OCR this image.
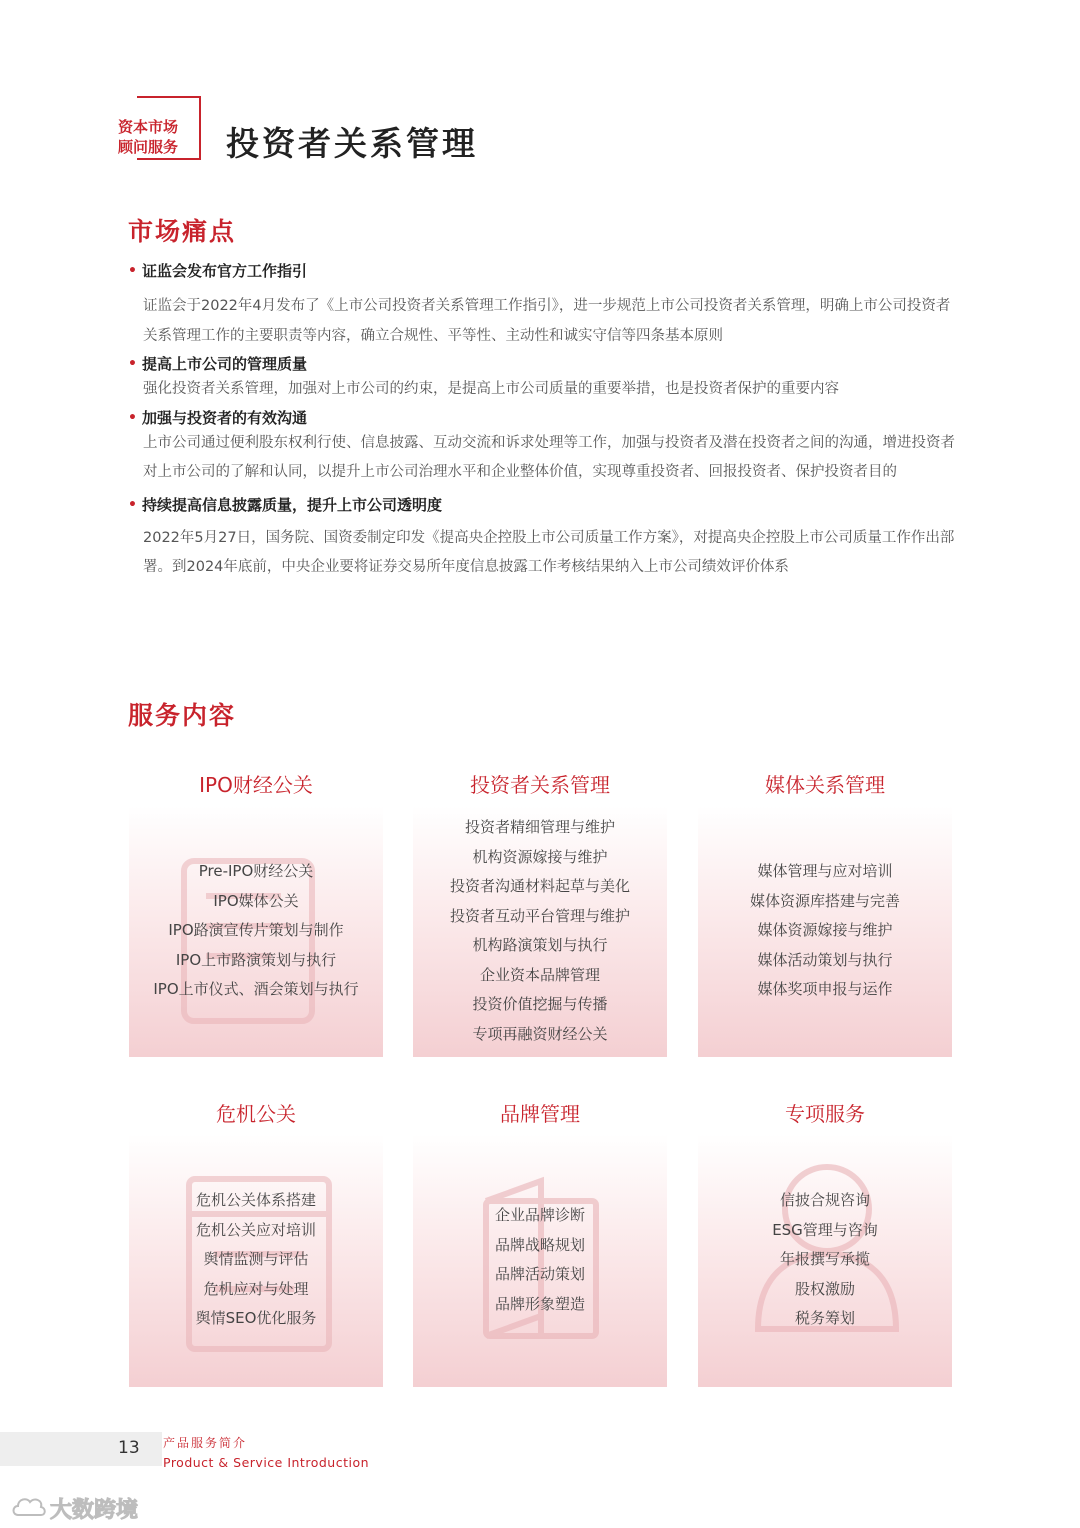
资本市场
顾问服务	投资者关系管理
市场痛点
• 证监会发布官方工作指引
证监会于2022年4月发布了《上市公司投资者关系管理工作指引》，进一步规范上市公司投资者关系管理，明确上市公司投资者关系管理工作的主要职责等内容，确立合规性、平等性、主动性和诚实守信等四条基本原则
• 提高上市公司的管理质量
强化投资者关系管理，加强对上市公司的约束，是提高上市公司质量的重要举措，也是投资者保护的重要内容
• 加强与投资者的有效沟通
上市公司通过便利股东权利行使、信息披露、互动交流和诉求处理等工作，加强与投资者及潜在投资者之间的沟通，增进投资者对上市公司的了解和认同，以提升上市公司治理水平和企业整体价值，实现尊重投资者、回报投资者、保护投资者目的
• 持续提高信息披露质量，提升上市公司透明度
2022年5月27日，国务院、国资委制定印发《提高央企控股上市公司质量工作方案》，对提高央企控股上市公司质量工作作出部署。到2024年底前，中央企业要将证券交易所年度信息披露工作考核结果纳入上市公司绩效评价体系
服务内容
IPO财经公关	投资者关系管理	媒体关系管理
Pre-IPO财经公关
IPO媒体公关
IPO路演宣传片策划与制作
IPO上市路演策划与执行
IPO上市仪式、酒会策划与执行
投资者精细管理与维护
机构资源嫁接与维护
投资者沟通材料起草与美化
投资者互动平台管理与维护
机构路演策划与执行
企业资本品牌管理
投资价值挖掘与传播
专项再融资财经公关
媒体管理与应对培训
媒体资源库搭建与完善
媒体资源嫁接与维护
媒体活动策划与执行
媒体奖项申报与运作
危机公关	品牌管理	专项服务
危机公关体系搭建
危机公关应对培训
舆情监测与评估
危机应对与处理
舆情SEO优化服务
企业品牌诊断
品牌战略规划
品牌活动策划
品牌形象塑造
信披合规咨询
ESG管理与咨询
年报撰写承揽
股权激励
税务筹划
13 产品服务简介
Product & Service Introduction
大数跨境
